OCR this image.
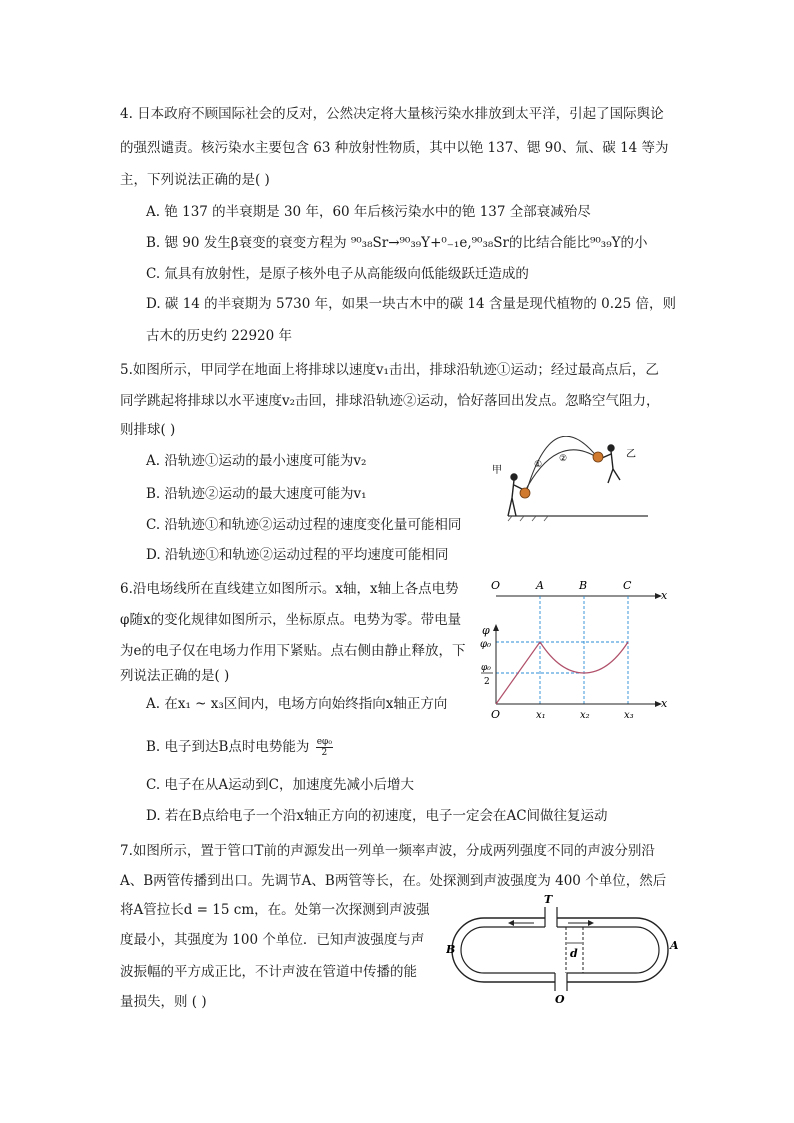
4. 日本政府不顾国际社会的反对，公然决定将大量核污染水排放到太平洋，引起了国际舆论
的强烈谴责。核污染水主要包含 63 种放射性物质，其中以铯 137、锶 90、氚、碳 14 等为
主，下列说法正确的是( )
A. 铯 137 的半衰期是 30 年，60 年后核污染水中的铯 137 全部衰减殆尽
B. 锶 90 发生β衰变的衰变方程为 ⁹⁰₃₈Sr→⁹⁰₃₉Y+⁰₋₁e,⁹⁰₃₈Sr的比结合能比⁹⁰₃₉Y的小
C. 氚具有放射性，是原子核外电子从高能级向低能级跃迁造成的
D. 碳 14 的半衰期为 5730 年，如果一块古木中的碳 14 含量是现代植物的 0.25 倍，则
古木的历史约 22920 年
5.如图所示，甲同学在地面上将排球以速度v₁击出，排球沿轨迹①运动；经过最高点后，乙
同学跳起将排球以水平速度v₂击回，排球沿轨迹②运动，恰好落回出发点。忽略空气阻力，
则排球( )
A. 沿轨迹①运动的最小速度可能为v₂
B. 沿轨迹②运动的最大速度可能为v₁
C. 沿轨迹①和轨迹②运动过程的速度变化量可能相同
D. 沿轨迹①和轨迹②运动过程的平均速度可能相同
①
②
甲
乙
6.沿电场线所在直线建立如图所示。x轴，x轴上各点电势
φ随x的变化规律如图所示，坐标原点。电势为零。带电量
为e的电子仅在电场力作用下紧贴。点右侧由静止释放，下
列说法正确的是( )
A. 在x₁ ~ x₃区间内，电场方向始终指向x轴正方向
B. 电子到达B点时电势能为 $\frac{\text{eφ₀}}{2}$
C. 电子在从A运动到C，加速度先减小后增大
D. 若在B点给电子一个沿x轴正方向的初速度，电子一定会在AC间做往复运动
O	A	B	C
x
x
φ
φ₀
φ₀
2
O	x₁	x₂	x₃
7.如图所示，置于管口T前的声源发出一列单一频率声波，分成两列强度不同的声波分别沿
A、B两管传播到出口。先调节A、B两管等长，在。处探测到声波强度为 400 个单位，然后
将A管拉长d = 15 cm，在。处第一次探测到声波强
度最小，其强度为 100 个单位．已知声波强度与声
波振幅的平方成正比，不计声波在管道中传播的能
量损失，则 ( )
T
O
d
B	A
